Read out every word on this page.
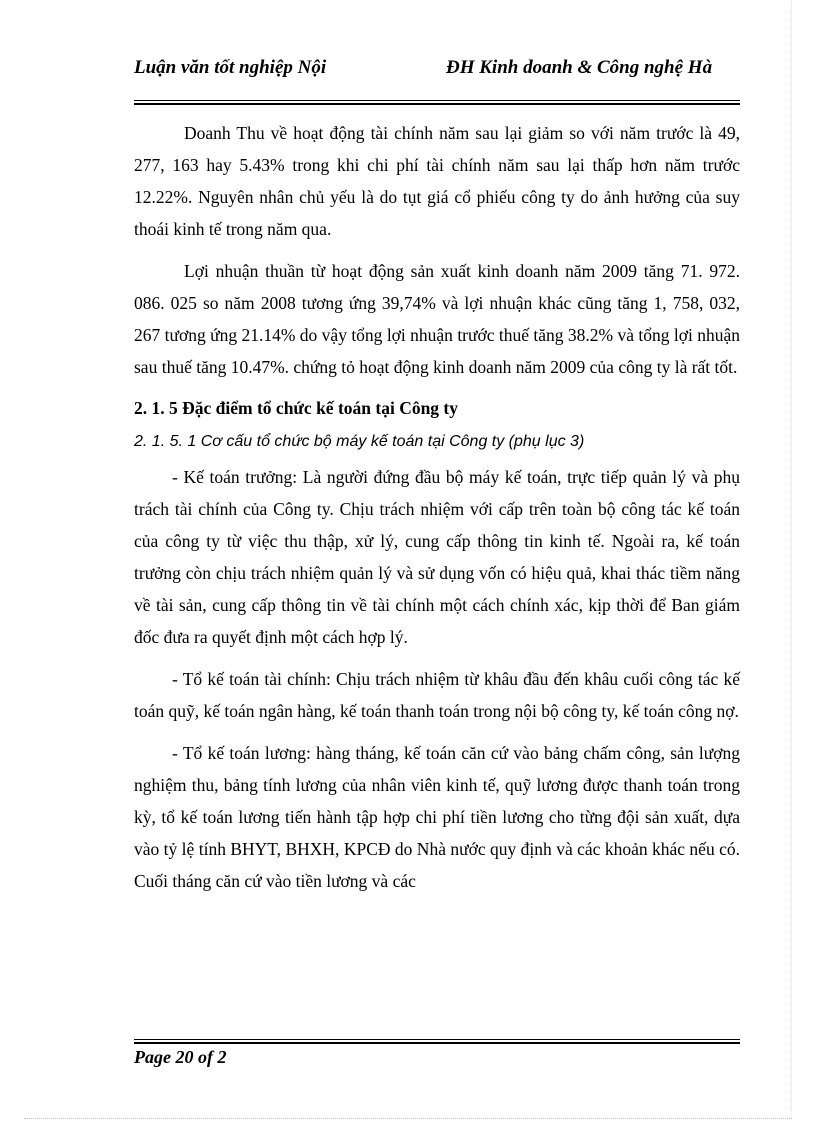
Luận văn tốt nghiệp Nội	ĐH Kinh doanh & Công nghệ Hà

Doanh Thu về hoạt động tài chính năm sau lại giảm so với năm trước là 49, 277, 163 hay 5.43% trong khi chi phí tài chính năm sau lại thấp hơn năm trước 12.22%. Nguyên nhân chủ yếu là do tụt giá cổ phiếu công ty do ảnh hưởng của suy thoái kinh tế trong năm qua.

Lợi nhuận thuần từ hoạt động sản xuất kinh doanh năm 2009 tăng 71. 972. 086. 025 so năm 2008 tương ứng 39,74% và lợi nhuận khác cũng tăng 1, 758, 032, 267 tương ứng 21.14% do vậy tổng lợi nhuận trước thuế tăng 38.2% và tổng lợi nhuận sau thuế tăng 10.47%. chứng tỏ hoạt động kinh doanh năm 2009 của công ty là rất tốt.

2. 1. 5 Đặc điểm tổ chức kế toán tại Công ty
2. 1. 5. 1 Cơ cấu tổ chức bộ máy kế toán tại Công ty (phụ lục 3)

- Kế toán trưởng: Là người đứng đầu bộ máy kế toán, trực tiếp quản lý và phụ trách tài chính của Công ty. Chịu trách nhiệm với cấp trên toàn bộ công tác kế toán của công ty từ việc thu thập, xử lý, cung cấp thông tin kinh tế. Ngoài ra, kế toán trưởng còn chịu trách nhiệm quản lý và sử dụng vốn có hiệu quả, khai thác tiềm năng về tài sản, cung cấp thông tin về tài chính một cách chính xác, kịp thời để Ban giám đốc đưa ra quyết định một cách hợp lý.

- Tổ kế toán tài chính: Chịu trách nhiệm từ khâu đầu đến khâu cuối công tác kế toán quỹ, kế toán ngân hàng, kế toán thanh toán trong nội bộ công ty, kế toán công nợ.

- Tổ kế toán lương: hàng tháng, kế toán căn cứ vào bảng chấm công, sản lượng nghiệm thu, bảng tính lương của nhân viên kinh tế, quỹ lương được thanh toán trong kỳ, tổ kế toán lương tiến hành tập hợp chi phí tiền lương cho từng đội sản xuất, dựa vào tỷ lệ tính BHYT, BHXH, KPCĐ do Nhà nước quy định và các khoản khác nếu có. Cuối tháng căn cứ vào tiền lương và các

Page 20 of 2
